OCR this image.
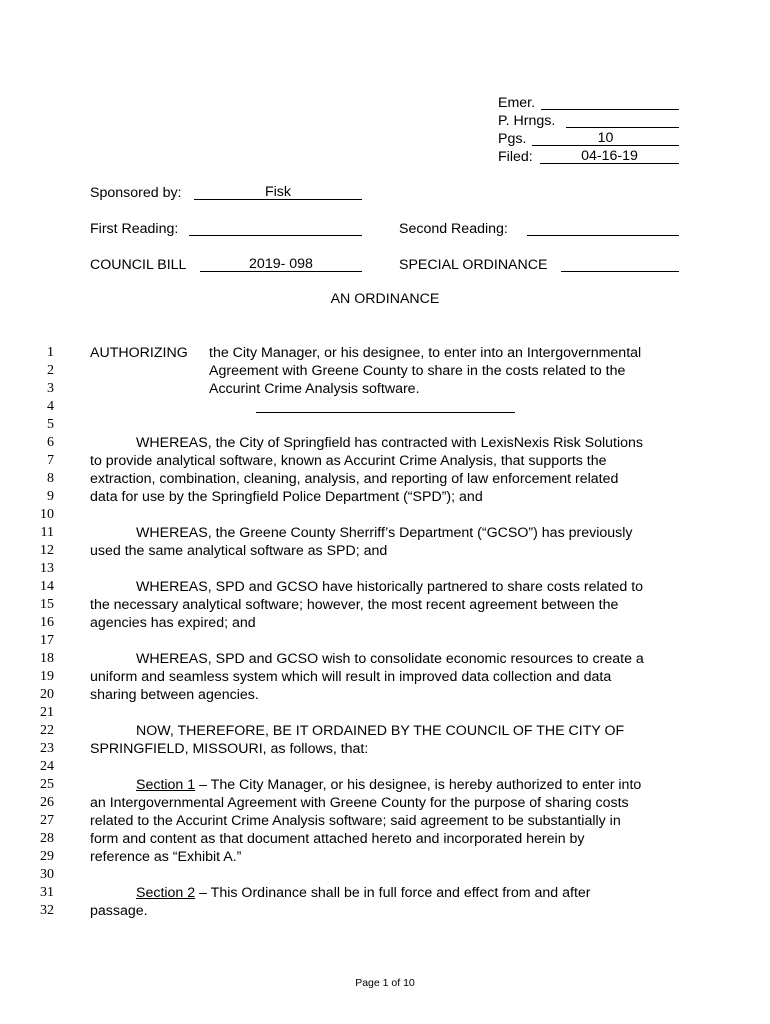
Emer.
P. Hrngs.
Pgs.	10
Filed:	04-16-19
Sponsored by:	Fisk
First Reading:	Second Reading:
COUNCIL BILL	2019- 098	SPECIAL ORDINANCE
AN ORDINANCE
1
2
3
4
5
6
7
8
9
10
11
12
13
14
15
16
17
18
19
20
21
22
23
24
25
26
27
28
29
30
31
32
AUTHORIZING the City Manager, or his designee, to enter into an Intergovernmental
Agreement with Greene County to share in the costs related to the
Accurint Crime Analysis software.
WHEREAS, the City of Springfield has contracted with LexisNexis Risk Solutions
to provide analytical software, known as Accurint Crime Analysis, that supports the
extraction, combination, cleaning, analysis, and reporting of law enforcement related
data for use by the Springfield Police Department (“SPD”); and
WHEREAS, the Greene County Sherriff’s Department (“GCSO”) has previously
used the same analytical software as SPD; and
WHEREAS, SPD and GCSO have historically partnered to share costs related to
the necessary analytical software; however, the most recent agreement between the
agencies has expired; and
WHEREAS, SPD and GCSO wish to consolidate economic resources to create a
uniform and seamless system which will result in improved data collection and data
sharing between agencies.
NOW, THEREFORE, BE IT ORDAINED BY THE COUNCIL OF THE CITY OF
SPRINGFIELD, MISSOURI, as follows, that:
Section 1 – The City Manager, or his designee, is hereby authorized to enter into
an Intergovernmental Agreement with Greene County for the purpose of sharing costs
related to the Accurint Crime Analysis software; said agreement to be substantially in
form and content as that document attached hereto and incorporated herein by
reference as “Exhibit A.”
Section 2 – This Ordinance shall be in full force and effect from and after
passage.
Page 1 of 10
